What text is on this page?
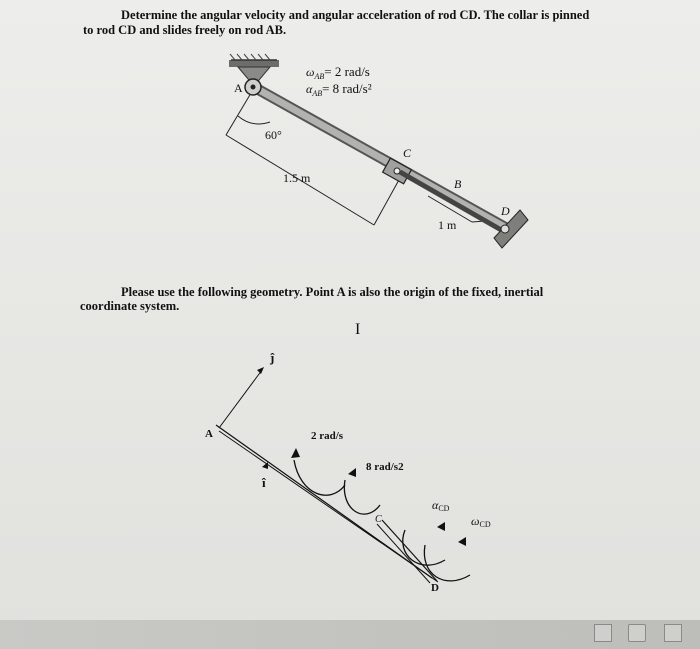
Determine the angular velocity and angular acceleration of rod CD. The collar is pinned
to rod CD and slides freely on rod AB.
Please use the following geometry. Point A is also the origin of the fixed, inertial
coordinate system.
A
$\omega_{AB}= 2$ rad/s
$\alpha_{AB}= 8$ rad/s²
60°
1.5 m
C
B
D
1 m
I
ĵ
A
î
2 rad/s
8 rad/s2
C
D
αCD
ωCD
